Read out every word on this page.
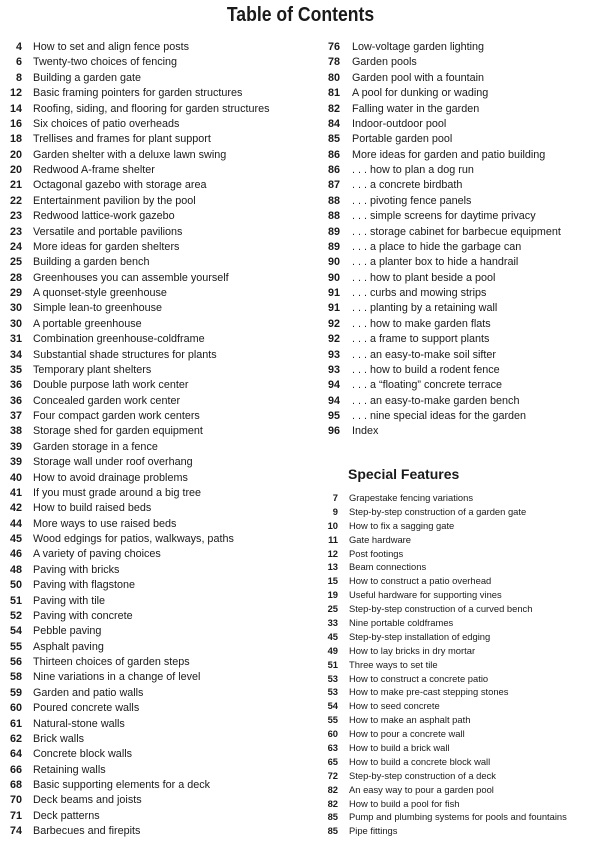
Table of Contents
4 How to set and align fence posts
6 Twenty-two choices of fencing
8 Building a garden gate
12 Basic framing pointers for garden structures
14 Roofing, siding, and flooring for garden structures
16 Six choices of patio overheads
18 Trellises and frames for plant support
20 Garden shelter with a deluxe lawn swing
20 Redwood A-frame shelter
21 Octagonal gazebo with storage area
22 Entertainment pavilion by the pool
23 Redwood lattice-work gazebo
23 Versatile and portable pavilions
24 More ideas for garden shelters
25 Building a garden bench
28 Greenhouses you can assemble yourself
29 A quonset-style greenhouse
30 Simple lean-to greenhouse
30 A portable greenhouse
31 Combination greenhouse-coldframe
34 Substantial shade structures for plants
35 Temporary plant shelters
36 Double purpose lath work center
36 Concealed garden work center
37 Four compact garden work centers
38 Storage shed for garden equipment
39 Garden storage in a fence
39 Storage wall under roof overhang
40 How to avoid drainage problems
41 If you must grade around a big tree
42 How to build raised beds
44 More ways to use raised beds
45 Wood edgings for patios, walkways, paths
46 A variety of paving choices
48 Paving with bricks
50 Paving with flagstone
51 Paving with tile
52 Paving with concrete
54 Pebble paving
55 Asphalt paving
56 Thirteen choices of garden steps
58 Nine variations in a change of level
59 Garden and patio walls
60 Poured concrete walls
61 Natural-stone walls
62 Brick walls
64 Concrete block walls
66 Retaining walls
68 Basic supporting elements for a deck
70 Deck beams and joists
71 Deck patterns
74 Barbecues and firepits
76 Low-voltage garden lighting
78 Garden pools
80 Garden pool with a fountain
81 A pool for dunking or wading
82 Falling water in the garden
84 Indoor-outdoor pool
85 Portable garden pool
86 More ideas for garden and patio building
86 . . . how to plan a dog run
87 . . . a concrete birdbath
88 . . . pivoting fence panels
88 . . . simple screens for daytime privacy
89 . . . storage cabinet for barbecue equipment
89 . . . a place to hide the garbage can
90 . . . a planter box to hide a handrail
90 . . . how to plant beside a pool
91 . . . curbs and mowing strips
91 . . . planting by a retaining wall
92 . . . how to make garden flats
92 . . . a frame to support plants
93 . . . an easy-to-make soil sifter
93 . . . how to build a rodent fence
94 . . . a “floating” concrete terrace
94 . . . an easy-to-make garden bench
95 . . . nine special ideas for the garden
96 Index
Special Features
7 Grapestake fencing variations
9 Step-by-step construction of a garden gate
10 How to fix a sagging gate
11 Gate hardware
12 Post footings
13 Beam connections
15 How to construct a patio overhead
19 Useful hardware for supporting vines
25 Step-by-step construction of a curved bench
33 Nine portable coldframes
45 Step-by-step installation of edging
49 How to lay bricks in dry mortar
51 Three ways to set tile
53 How to construct a concrete patio
53 How to make pre-cast stepping stones
54 How to seed concrete
55 How to make an asphalt path
60 How to pour a concrete wall
63 How to build a brick wall
65 How to build a concrete block wall
72 Step-by-step construction of a deck
82 An easy way to pour a garden pool
82 How to build a pool for fish
85 Pump and plumbing systems for pools and fountains
85 Pipe fittings
